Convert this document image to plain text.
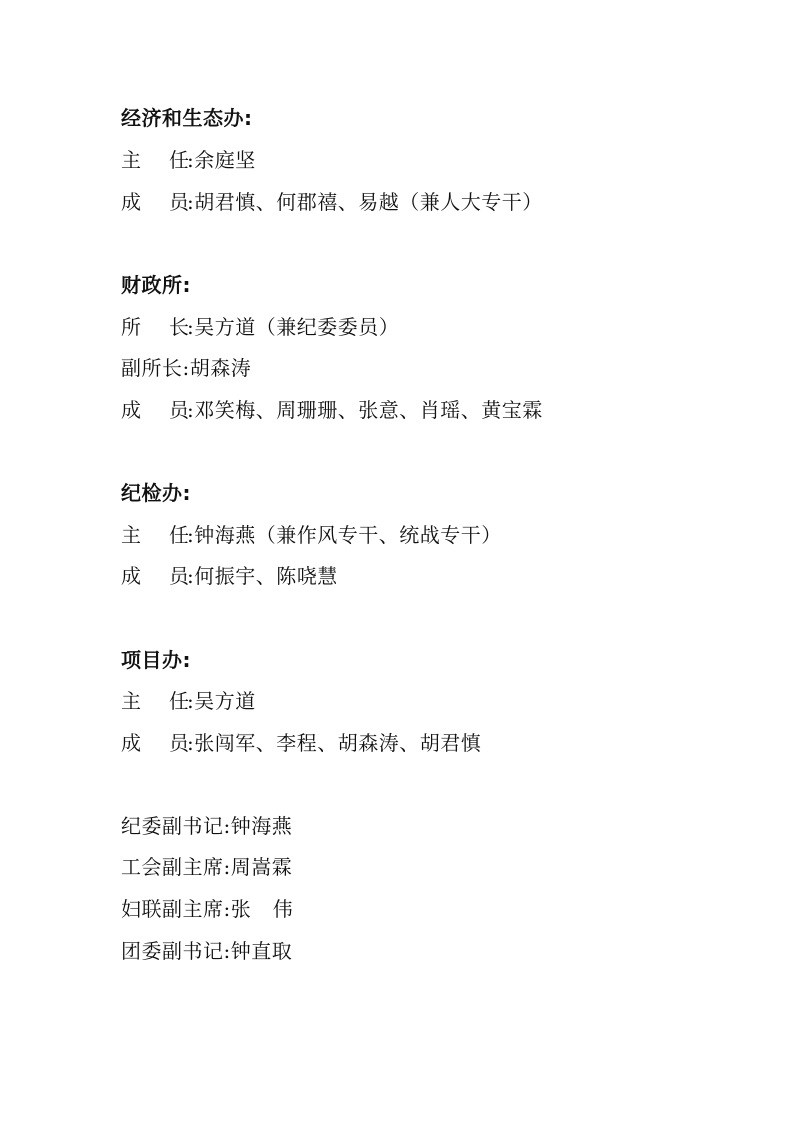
经济和生态办:
主 任:余庭坚
成 员:胡君慎、何郡禧、易越（兼人大专干）
财政所:
所 长:吴方道（兼纪委委员）
副所长:胡森涛
成 员:邓笑梅、周珊珊、张意、肖瑶、黄宝霖
纪检办:
主 任:钟海燕（兼作风专干、统战专干）
成 员:何振宇、陈哓慧
项目办:
主 任:吴方道
成 员:张闯军、李程、胡森涛、胡君慎
纪委副书记:钟海燕
工会副主席:周嵩霖
妇联副主席:张 伟
团委副书记:钟直取
